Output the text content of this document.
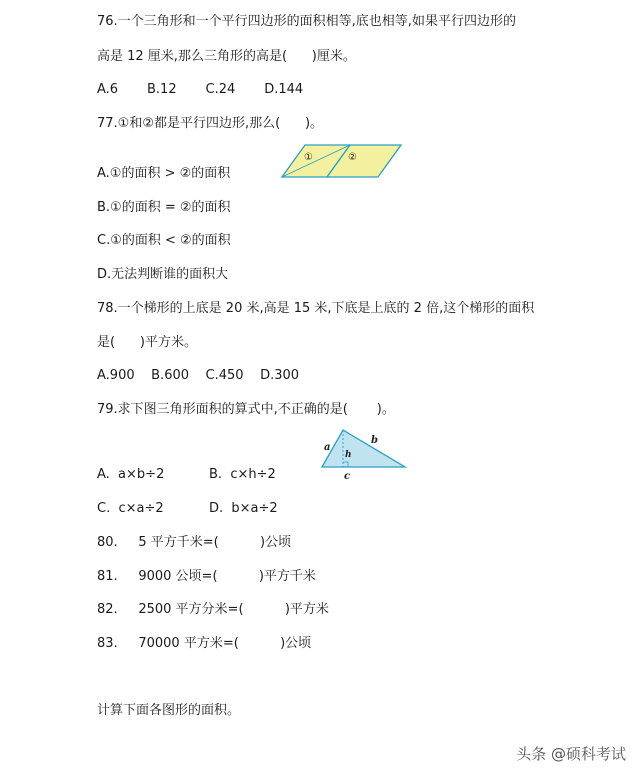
76.一个三角形和一个平行四边形的面积相等,底也相等,如果平行四边形的
高是 12 厘米,那么三角形的高是(      )厘米。
A.6       B.12       C.24       D.144
77.①和②都是平行四边形,那么(      )。
①	②
A.①的面积 > ②的面积
B.①的面积 = ②的面积
C.①的面积 < ②的面积
D.无法判断谁的面积大
78.一个梯形的上底是 20 米,高是 15 米,下底是上底的 2 倍,这个梯形的面积
是(      )平方米。
A.900    B.600    C.450    D.300
79.求下图三角形面积的算式中,不正确的是(       )。
a
b
h
c
A.  a×b÷2	B.  c×h÷2
C.  c×a÷2	D.  b×a÷2
80.     5 平方千米=(          )公顷
81.     9000 公顷=(          )平方千米
82.     2500 平方分米=(          )平方米
83.     70000 平方米=(          )公顷
计算下面各图形的面积。
头条 @硕科考试
